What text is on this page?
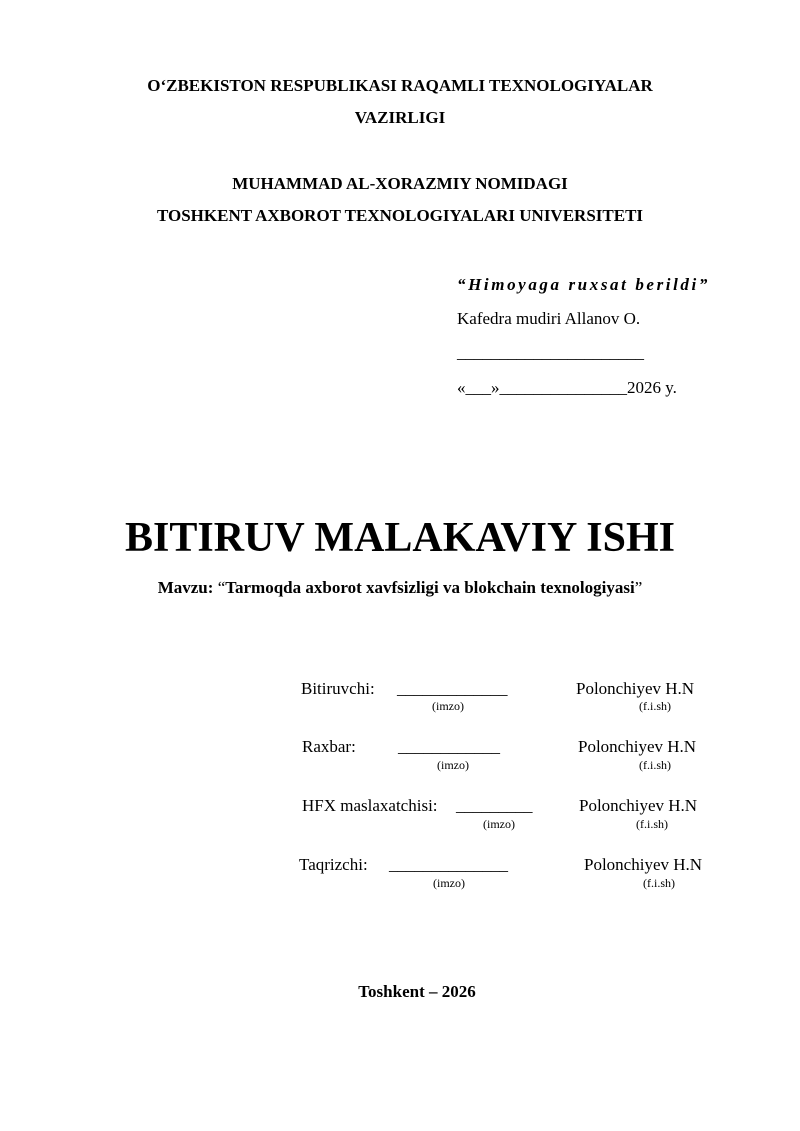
O‘ZBEKISTON RESPUBLIKASI RAQAMLI TEXNOLOGIYALAR
VAZIRLIGI
MUHAMMAD AL-XORAZMIY NOMIDAGI
TOSHKENT AXBOROT TEXNOLOGIYALARI UNIVERSITETI
“Himoyaga ruxsat berildi”
Kafedra mudiri Allanov O.
______________________
«___»_______________2026 y.
BITIRUV MALAKAVIY ISHI
Mavzu: “Tarmoqda axborot xavfsizligi va blokchain texnologiyasi”
Bitiruvchi: _____________	Polonchiyev H.N
(imzo)	(f.i.sh)
Raxbar: ____________	Polonchiyev H.N
(imzo)	(f.i.sh)
HFX maslaxatchisi: _________	Polonchiyev H.N
(imzo)	(f.i.sh)
Taqrizchi: ______________	Polonchiyev H.N
(imzo)	(f.i.sh)
Toshkent – 2026
